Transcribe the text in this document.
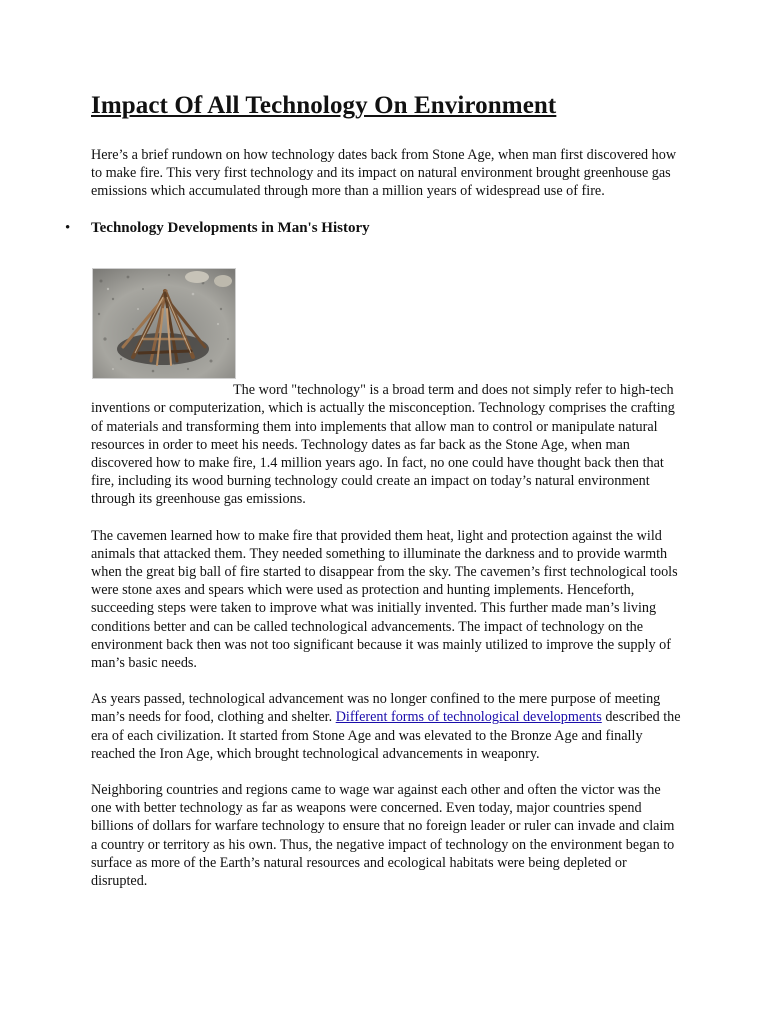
Impact Of All Technology On Environment

Here’s a brief rundown on how technology dates back from Stone Age, when man first discovered how to make fire. This very first technology and its impact on natural environment brought greenhouse gas emissions which accumulated through more than a million years of widespread use of fire.

• Technology Developments in Man's History

The word "technology" is a broad term and does not simply refer to high-tech inventions or computerization, which is actually the misconception. Technology comprises the crafting of materials and transforming them into implements that allow man to control or manipulate natural resources in order to meet his needs. Technology dates as far back as the Stone Age, when man discovered how to make fire, 1.4 million years ago. In fact, no one could have thought back then that fire, including its wood burning technology could create an impact on today’s natural environment through its greenhouse gas emissions.

The cavemen learned how to make fire that provided them heat, light and protection against the wild animals that attacked them. They needed something to illuminate the darkness and to provide warmth when the great big ball of fire started to disappear from the sky. The cavemen’s first technological tools were stone axes and spears which were used as protection and hunting implements. Henceforth, succeeding steps were taken to improve what was initially invented. This further made man’s living conditions better and can be called technological advancements. The impact of technology on the environment back then was not too significant because it was mainly utilized to improve the supply of man’s basic needs.

As years passed, technological advancement was no longer confined to the mere purpose of meeting man’s needs for food, clothing and shelter. Different forms of technological developments described the era of each civilization. It started from Stone Age and was elevated to the Bronze Age and finally reached the Iron Age, which brought technological advancements in weaponry.

Neighboring countries and regions came to wage war against each other and often the victor was the one with better technology as far as weapons were concerned. Even today, major countries spend billions of dollars for warfare technology to ensure that no foreign leader or ruler can invade and claim a country or territory as his own. Thus, the negative impact of technology on the environment began to surface as more of the Earth’s natural resources and ecological habitats were being depleted or disrupted.
